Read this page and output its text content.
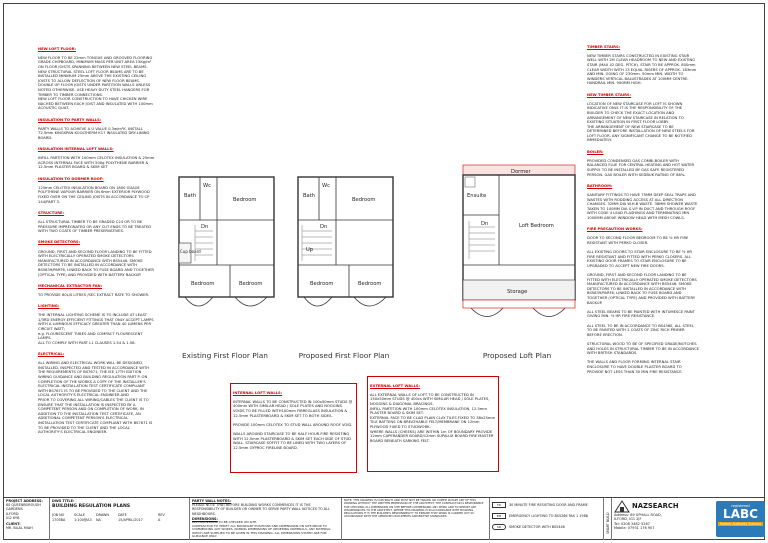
NEW LOFT FLOOR:

NEW FLOOR TO BE 22mm TONGUE AND GROOVED FLOORING GRADE CHIPBOARD, MINIMUM MASS PER UNIT AREA 15Kg/m² ON FLOOR JOISTS SPANNING BETWEEN NEW STEEL BEAMS. NEW STRUCTURAL STEEL LOFT FLOOR BEAMS ARE TO BE INSTALLED MINIMUM 25mm ABOVE THE EXISTING CEILING JOISTS TO ALLOW DEFLECTION OF NEW FLOOR BEAMS.
DOUBLE UP FLOOR JOISTS UNDER PARTITION WALLS UNLESS NOTED OTHERWISE. USE HEAVY DUTY STEEL HANGERS FOR TIMBER TO TIMBER CONNECTIONS.
NEW LOFT FLOOR CONSTRUCTION TO HAVE CHICKEN WIRE NACHED BETWEEN EACH JOIST AND INSULATED WITH 100mm ACOUSTIC QUILT.

INSULATION TO PARTY WALLS:

PARTY WALLS TO ACHIEVE A U VALUE 0.3w/m²K. INSTALL 72.5mm KINGSPAN KOOLTHERM K17 INSULATED DRY-LINING BOARD.

INSULATION INTERNAL LOFT WALLS:

INFILL PARTITION WITH 100mm CELOTEX INSULATION & 25mm ACROSS INTERNAL FACE WITH 500g POLYTHENE BARRIER & 12.5mm PLASTER BOARD & SKIM SET

INSULATION TO DORMER ROOF:

125mm CELOTEX INSULATION BOARD ON 1800 GUAGE POLYTHENE VAPOUR BARRIER ON 6mm EXTERIOR PLYWOOD FIXED OVER ON THE CEILING JOISTS IN ACCORDANCE TO CP 144/PART 3.

STRUCTURE:

ALL STRUCTURAL TIMBER TO BE GRADED C24 OR TO BE PRESSURE IMPREGNATED OR ANY CUT ENDS TO BE TREATED WITH TWO COATS OF TIMBER PRESERVATIVES.

SMOKE DETECTORS:

GROUND, FIRST AND SECOND FLOOR LANDING TO BE FITTED WITH ELECTRICALLY OPERATED SMOKE DETECTORS MANUFACTURED IN ACCORDANCE WITH BS5446. SMOKE DETECTORS TO BE INSTALLED IN ACCORDANCE WITH BS5839/PART6, LINKED BACK TO FUSE BOARD AND TOGETHER (OPTICAL TYPE) AND PROVIDED WITH BATTERY BACKUP.

MECHANICAL EXTRACTOR FAN:

TO PROVIDE 60L/S LITRES /SEC EXTRACT RATE TO SHOWER.

LIGHTING:

THE INTERNAL LIGHTING SCHEME IS TO INCLUDE AT LEAST 1/3RD ENERGY EFFICIENT FITTINGS THAT ONLY ACCEPT LAMPS WITH A LUMINOUS EFFICACY GREATER THAN 40 LUMENS PER CIRCUIT WATT;
e.g. FLOURESCENT TUBES AND COMPACT FLOURESCENT LAMPS.
ALL TO COMPLY WITH PART L1 CLAUSES 1.54 & 1.56.

ELECTRICAL:

ALL WIRING AND ELECTRICAL WORK WILL BE DESIGNED, INSTALLED, INSPECTED AND TESTED IN ACCORDANCE WITH THE REQUIREMENTS OF BS7671, THE IEE 17TH EDITION WIRING GUIDANCE AND BUILDING REGULATION PART P. ON COMPLETION OF THE WORKS A COPY OF THE INSTALLER'S ELECTRICAL INSTALLATION TEST CERTIFICATE COMPLIANT WITH BS7671 IS TO BE PROVIDED TO THE CLIENT AND THE LOCAL AUTHORITY'S ELECTRICAL ENGINEER AND
PRIOR TO COVERING ALL WIRING/CABLES THE CLIENT IS TO ENSURE THAT THE INSTALLATION IS INSPECTED BY A COMPETENT PERSON AND ON COMPLETION OF WORK, IN ADDITION TO THE INSTALLATION TEST CERTIFICATE, AN ADDITIONAL COMPETENT PERSON'S ELECTRICAL INSTALLATION TEST CERTIFICATE COMPLIANT WITH BS7671 IS TO BE PROVIDED TO THE CLIENT AND THE LOCAL AUTHORITY'S ELECTRICAL ENGINEER.

TIMBER STAIRS:

NEW TIMBER STAIRS CONSTRUCTED IN EXISTING STAIR WELL WITH 2M CLEAR HEADROOM TO NEW AND EXISTING STAIR (MAX 42 DEG. PITCH). STAIR TO BE APPROX. 800mm CLEAR WIDTH WITH 13 EQUAL RISERS OF APPROX. 183mm AND MIN. GOING OF 230mm. 50mm MIN. WIDTH TO WINDERS VERTICAL BALUSTRADES AT 100MM CENTRE. HANDRAIL MIN. 900MM HIGH.

NEW TIMBER STAIRS:

LOCATION OF NEW STAIRCASE FOR LOFT IS SHOWN INDICATIVE ONLY. IT IS THE RESPONSIBILITY OF THE BUILDER TO CHECK THE EXACT LOCATION AND ARRANGEMENT OF NEW STAIRCASE IN RELATION TO EXISTING SITUATION IN FIRST FLOOR LOBBY.
THE ARRANGEMENT OF NEW STAIRCASE TO BE DETERMINED BEFORE INSTALLATION OF NEW STEELS FOR LOFT FLOOR. ANY SIGNIFICANT CHANGE TO BE NOTIFIED IMMEDIATELY.

BOILER:

PROVIDED CONDENSED GAS COMBI-BOILER WITH BALANCED FLUE FOR CENTRAL HEATING AND HOT WATER SUPPLY. TO BE INSTALLED BY GAS SAFE REGISTERED PERSON. GAS BOILER WITH SEDBUK RATING OF 88%.

BATHROOM:

SANITARY FITTINGS TO HAVE 75MM DEEP SEAL TRAPS AND WASTES WITH RODDING ACCESS AT ALL DIRECTION CHANGES. 32MM DIA W.H.B WASTE. 38MM SHOWER WASTE TAKEN TO 100MM DIA S.V.P IN DUCT AND THROUGH ROOF WITH CODE 4 LEAD FLASHINGS AND TERMINATING MIN 1000MM ABOVE WINDOW HEAD WITH MESH COWLS.

FIRE PRECAUTION WORKS:

DOOR TO SECOND FLOOR BEDROOM TO BE ½ HR FIRE RESISTANT WITH PERKO CLOSER.

ALL EXISTING DOORS TO STAIR ENCLOSURE TO BE ½ HR FIRE RESISTANT AND FITTED WITH PERKO CLOSERS. ALL EXISTING DOOR FRAMES TO STAIR ENCLOSURE TO BE UPGRADED TO ACCEPT NEW FIRE DOORS.

GROUND, FIRST AND SECOND FLOOR LANDING TO BE FITTED WITH ELECTRICALLY OPERATED SMOKE DETECTORS MANUFACTURED IN ACCORDANCE WITH BS5446. SMOKE DETECTORS TO BE INSTALLED IN ACCORDANCE WITH BS5839/PART6, LINKED BACK TO FUSE BOARD AND TOGETHER (OPTICAL TYPE) AND PROVIDED WITH BATTERY BACKUP.

ALL STEEL BEAMS TO BE PAINTED WITH INTUMESCE PAINT GIVING MIN. ½ HR FIRE RESISTANCE.

ALL STEEL TO BE IN ACCORDANCE TO BS4360, ALL STEEL TO BE PAINTED WITH 2 COATS OF ZINC RICH PRIMER BEFORE ERECTION.

STRUCTURAL WOOD TO BE OF SPECIFIED GRADE/NOTCHES AND HOLES IN STRUCTURAL TIMBER TO BE IN ACCORDANCE WITH BRITISH STANDARDS.

THE WALLS AND FLOOR FORMING INTERNAL STAIR ENCLOSURE TO HAVE DOUBLE PLASTER BOARD TO PROVIDE NOT LESS THAN 30 MIN FIRE RESISTANCE.

Bath
Wc
Bedroom
Dn
Cup board
Bedroom	Bedroom
Existing First Floor Plan
Bath
Wc
Bedroom
Dn
Up
Bedroom	Bedroom
Proposed First Floor Plan
Dormer
Ensuite
Dn	Loft Bedroom
Storage
Proposed Loft Plan

INTERNAL LOFT WALLS:

INTERNAL WALLS TO BE CONSTRUCTED IN 100x50mm STUDS @ 400mm WITH SIMILAR HEAD / SOLE PLATES AND NOGGINS. VOIDS TO BE FILLED WITH100mm FIBREGLASS INSULATION & 12.5mm PLASTERBOARD & SKIM SET TO BOTH SIDES.

PROVIDE 100mm CELOTEX TO STUD WALL AROUND ROOF VOID.

WALLS AROUND STAIRCASE TO BE HALF HOUR FIRE RESISTING WITH 12.5mm PLASTERBOARD & SKIM SET EACH SIDE OF STUD WALL. STAIRCASE SOFFIT TO BE LINED WITH TWO LAYERS OF 12.5mm GYPROC FIRELINE BOARD.

EXTERNAL LOFT WALLS:

ALL EXTERNAL WALLS OF LOFT TO BE CONSTRUCTED IN 150x50mm STUDS @ 400cs WITH SIMILAR HEAD / SOLE PLATES, NOGGINS & DIAGONAL BRACINGS.
INFILL PARTITION WITH 100mm CELOTEX INSULATION, 12.5mm PLASTER BOARD & SKIM SET.
EXTERNAL FACE TO BE CLAD PLAIN CLAY TILES FIXED TO 38x25mm TILE BATTENS ON BREATHABLE FELT/MEMBRANE ON 12mm PLYWOOD FIXED TO STUDWORK.
WHERE WALLS (CHEEKS) ARE WITHIN 1m OF BOUNDARY PROVIDE 12mm CAPERANDER BOARD/12mm SUPALUX BOARD FIRE MASTER BOARD BENEATH SARKING FELT.

PROJECT ADDRESS:
80 QUEENBOROUGH GARDENS
ILFORD
IG2 6YB
CLIENT:
MR. BILAL MIAH
DWG TITLE:
BUILDING REGULATION PLANS
JOB NO	SCALE	DRAWN	DATE	REV
1705BA	1:100@A3	NA	15/APRIL/2017	A
PARTY WALL NOTES:
PLEASE NOTE THAT BEFORE BUILDING WORKS COMMENCES IT IS THE RESPONSIBILITY OF BUILDER OR OWNER TO SERVE PARTY WALL NOTICES TO ALL NEIGHBOURS.
DIMENSIONS:
ALL DIMENSIONS TO BE CHECKED ON SITE.
CONTRACTOR TO VERIFY ALL BOUNDARY POSITIONS AND DIMENSIONS ON SITE PRIOR TO COMMENCING ANY WORKS. NAMING DIMENSIONS OF ORDERING MATERIALS. ANY MATERIAL WHICH ARE SUPPLIED TO BE GIVEN IN THIS DRAWING. ALL DIMENSIONS STATED ARE FOR GUIDANCE ONLY.
NOTE: THIS DRAWING IS COPYRIGHT AND MUST NOT BE TRACED OR COPIED IN PART ANY OF THIS DRAWING WITHOUT THE WRITTEN PERMISSION OF THE ARCHITECT. THE CONTRACTOR IS RESPONSIBLE FOR CHECKING ALL DIMENSIONS ON SITE BEFORE COMMENCING ANY WORK AND TO REPORT ANY DISCREPANCIES TO THE ARCHITECT. WHERE THIS DRAWING IS IN ACCORDANCE WITH BUILDING REGULATIONS IT IS THE BUILDER'S RESPONSIBILITY TO ENSURE THAT WORK IS CARRIED OUT IN ACCORDANCE WITH THE APPROVED DOCUMENTS AND BRITISH STANDARDS.
FD	30 MINUTE FIRE RESISTING DOOR AND FRAME
EM	EMERGENCY LIGHTING TO BS5266 PAS 1 1988
SD	SMOKE DETECTOR WITH BS5446	SMART BUILD
NAZSEARCH
Address: 89 UPHALL ROAD,
ILFORD, IG1 2JF
Tel: 0208 3482 5267
Mobile: 07931 176 907
registered
LABC
Partner Authority Scheme
